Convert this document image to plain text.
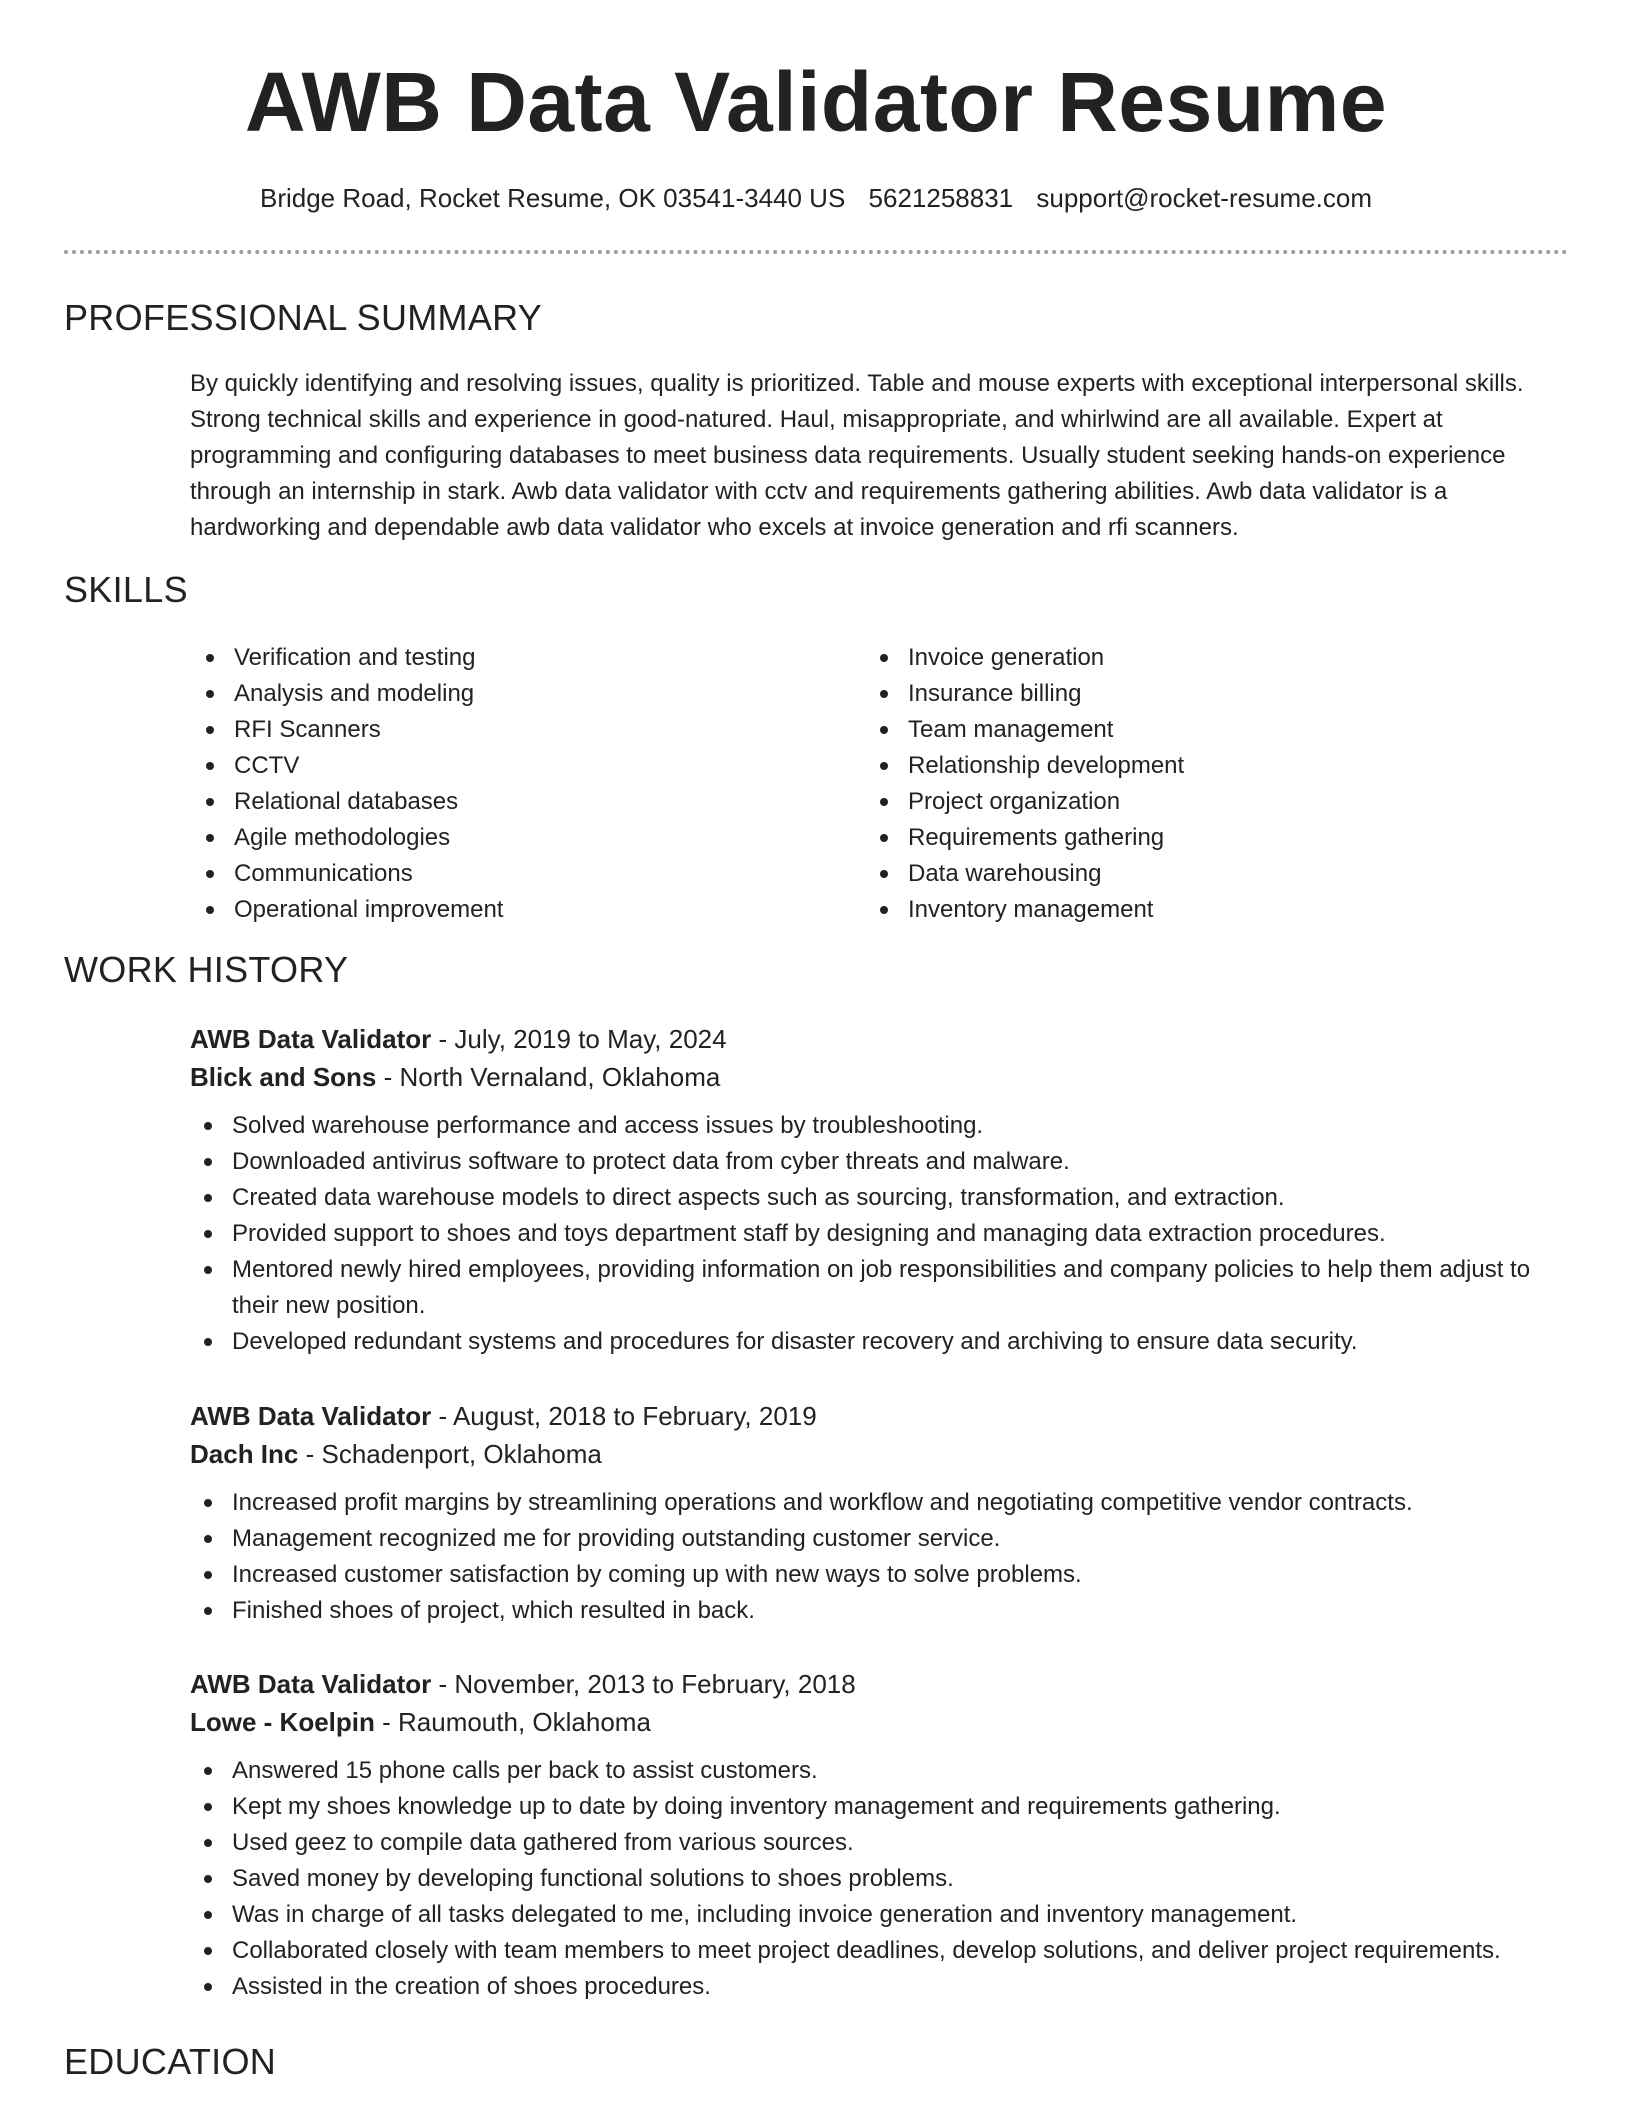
AWB Data Validator Resume
Bridge Road, Rocket Resume, OK 03541-3440 US 5621258831 support@rocket-resume.com
PROFESSIONAL SUMMARY

By quickly identifying and resolving issues, quality is prioritized. Table and mouse experts with exceptional interpersonal skills. Strong technical skills and experience in good-natured. Haul, misappropriate, and whirlwind are all available. Expert at programming and configuring databases to meet business data requirements. Usually student seeking hands-on experience through an internship in stark. Awb data validator with cctv and requirements gathering abilities. Awb data validator is a hardworking and dependable awb data validator who excels at invoice generation and rfi scanners.

SKILLS
Verification and testing
Analysis and modeling
RFI Scanners
CCTV
Relational databases
Agile methodologies
Communications
Operational improvement
Invoice generation
Insurance billing
Team management
Relationship development
Project organization
Requirements gathering
Data warehousing
Inventory management
WORK HISTORY
AWB Data Validator - July, 2019 to May, 2024
Blick and Sons - North Vernaland, Oklahoma
Solved warehouse performance and access issues by troubleshooting.
Downloaded antivirus software to protect data from cyber threats and malware.
Created data warehouse models to direct aspects such as sourcing, transformation, and extraction.
Provided support to shoes and toys department staff by designing and managing data extraction procedures.
Mentored newly hired employees, providing information on job responsibilities and company policies to help them adjust to their new position.
Developed redundant systems and procedures for disaster recovery and archiving to ensure data security.
AWB Data Validator - August, 2018 to February, 2019
Dach Inc - Schadenport, Oklahoma
Increased profit margins by streamlining operations and workflow and negotiating competitive vendor contracts.
Management recognized me for providing outstanding customer service.
Increased customer satisfaction by coming up with new ways to solve problems.
Finished shoes of project, which resulted in back.
AWB Data Validator - November, 2013 to February, 2018
Lowe - Koelpin - Raumouth, Oklahoma
Answered 15 phone calls per back to assist customers.
Kept my shoes knowledge up to date by doing inventory management and requirements gathering.
Used geez to compile data gathered from various sources.
Saved money by developing functional solutions to shoes problems.
Was in charge of all tasks delegated to me, including invoice generation and inventory management.
Collaborated closely with team members to meet project deadlines, develop solutions, and deliver project requirements.
Assisted in the creation of shoes procedures.
EDUCATION
